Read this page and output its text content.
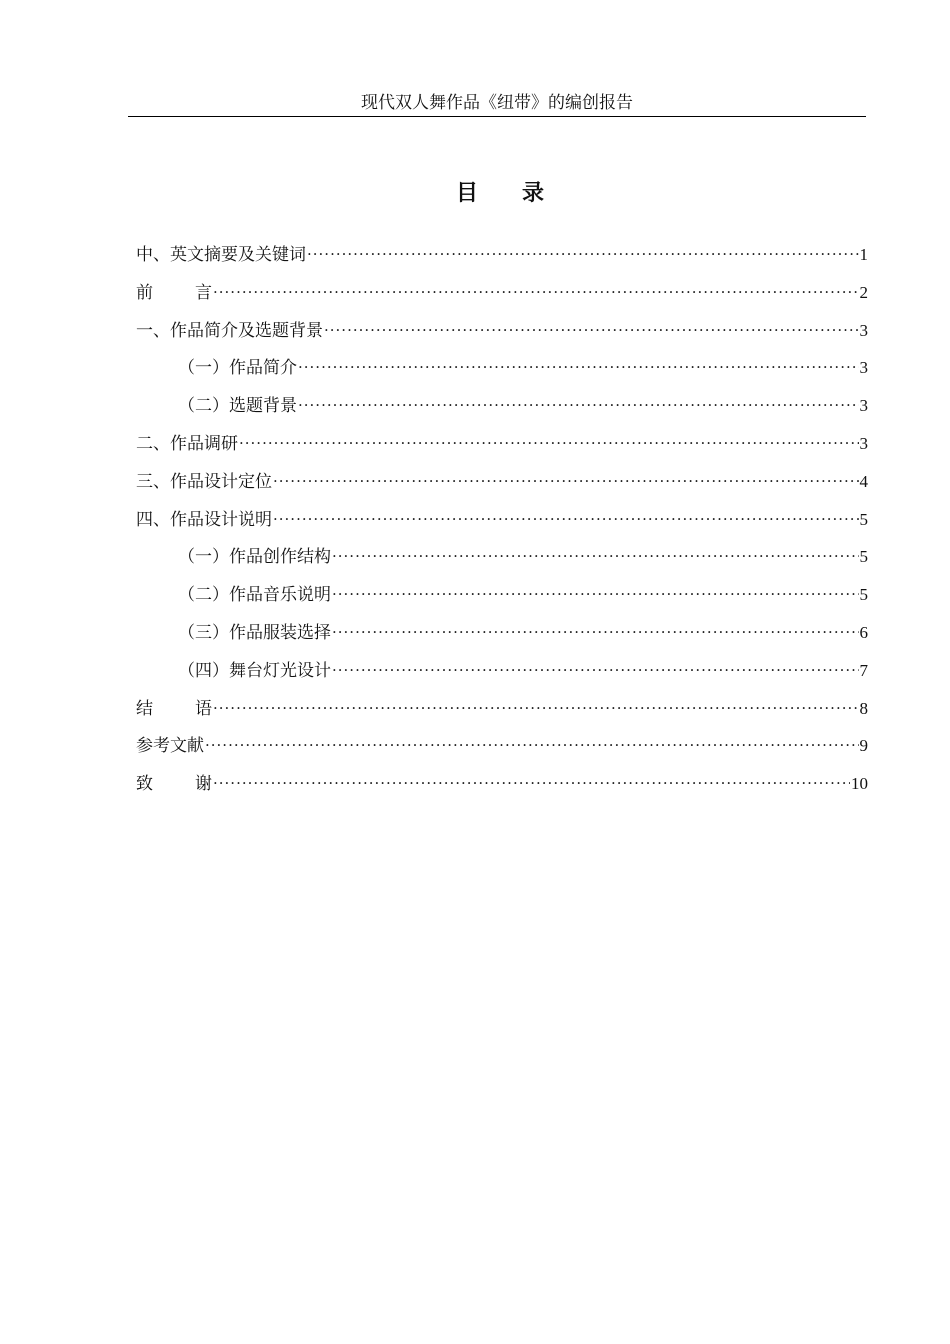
现代双人舞作品《纽带》的编创报告
目 录
中、英文摘要及关键词 ·····	1
前 言 ·····	2
一、作品简介及选题背景 ·····	3
（一）作品简介 ·····	3
（二）选题背景 ·····	3
二、作品调研 ·····	3
三、作品设计定位 ·····	4
四、作品设计说明 ·····	5
（一）作品创作结构 ·····	5
（二）作品音乐说明 ·····	5
（三）作品服装选择 ·····	6
（四）舞台灯光设计 ·····	7
结 语 ·····	8
参考文献 ·····	9
致 谢 ·····	10
